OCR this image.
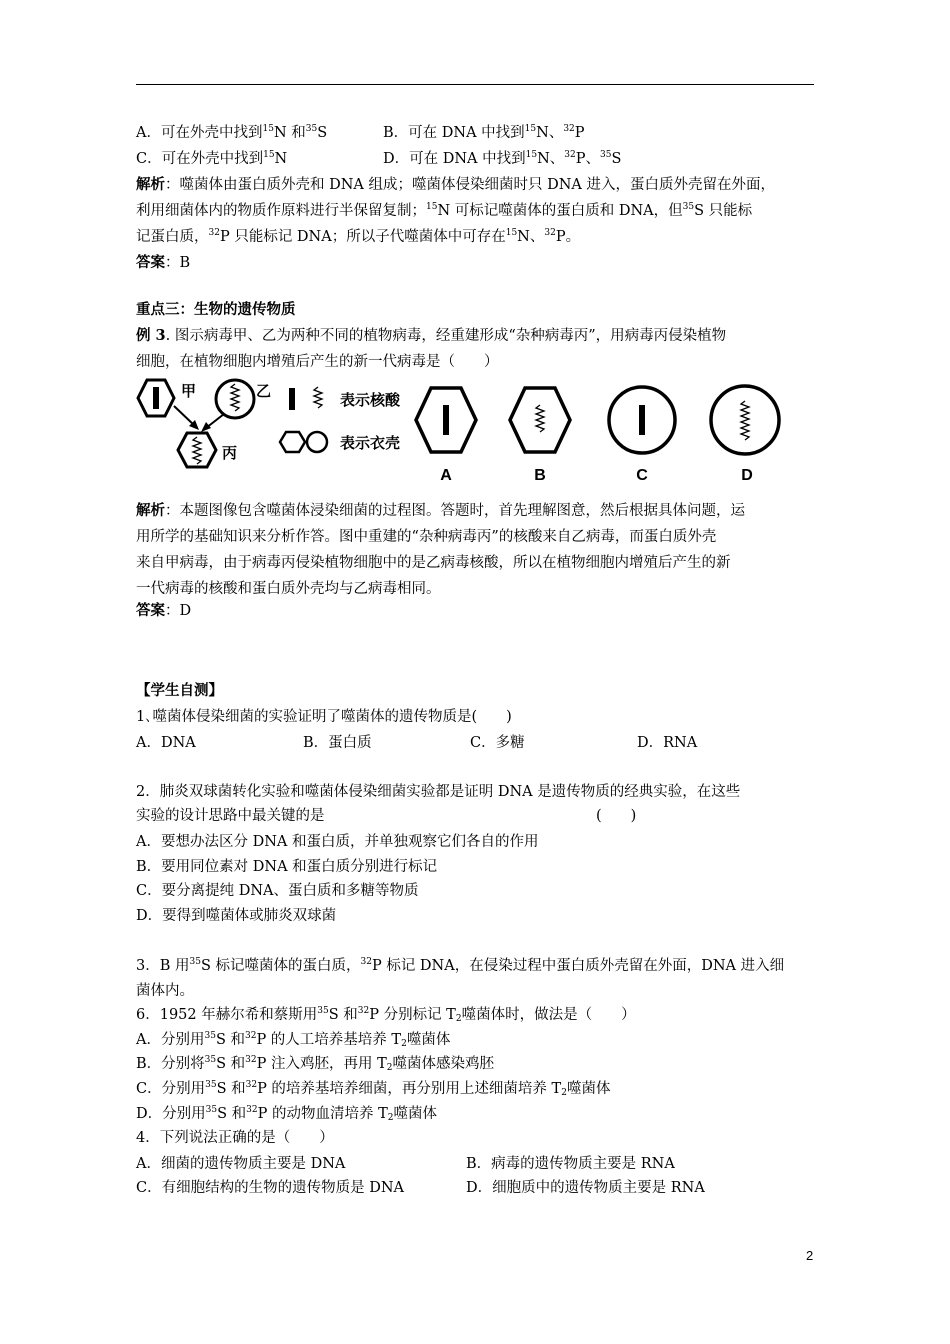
A．可在外壳中找到$^{15}$N 和$^{35}$S	B．可在 DNA 中找到$^{15}$N、$^{32}$P
C．可在外壳中找到$^{15}$N	D．可在 DNA 中找到$^{15}$N、$^{32}$P、$^{35}$S
解析：噬菌体由蛋白质外壳和 DNA 组成；噬菌体侵染细菌时只 DNA 进入，蛋白质外壳留在外面，
利用细菌体内的物质作原料进行半保留复制；$^{15}$N 可标记噬菌体的蛋白质和 DNA，但$^{35}$S 只能标
记蛋白质，$^{32}$P 只能标记 DNA；所以子代噬菌体中可存在$^{15}$N、$^{32}$P。
答案：B
重点三：生物的遗传物质
例 3. 图示病毒甲、乙为两种不同的植物病毒，经重建形成“杂种病毒丙”，用病毒丙侵染植物
细胞，在植物细胞内增殖后产生的新一代病毒是（　　）
甲	乙
丙
表示核酸
表示衣壳
A	B	C	D
解析：本题图像包含噬菌体浸染细菌的过程图。答题时，首先理解图意，然后根据具体问题，运
用所学的基础知识来分析作答。图中重建的“杂种病毒丙”的核酸来自乙病毒，而蛋白质外壳
来自甲病毒，由于病毒丙侵染植物细胞中的是乙病毒核酸，所以在植物细胞内增殖后产生的新
一代病毒的核酸和蛋白质外壳均与乙病毒相同。
答案：D
【学生自测】
1､噬菌体侵染细菌的实验证明了噬菌体的遗传物质是(　　)
A．DNA	B．蛋白质	C．多糖	D．RNA
2．肺炎双球菌转化实验和噬菌体侵染细菌实验都是证明 DNA 是遗传物质的经典实验，在这些
实验的设计思路中最关键的是	(　　)
A．要想办法区分 DNA 和蛋白质，并单独观察它们各自的作用
B．要用同位素对 DNA 和蛋白质分别进行标记
C．要分离提纯 DNA、蛋白质和多糖等物质
D．要得到噬菌体或肺炎双球菌
3．B 用$^{35}$S 标记噬菌体的蛋白质，$^{32}$P 标记 DNA，在侵染过程中蛋白质外壳留在外面，DNA 进入细
菌体内。
6．1952 年赫尔希和蔡斯用$^{35}$S 和$^{32}$P 分别标记 $T_2$噬菌体时，做法是（　　）
A．分别用$^{35}$S 和$^{32}$P 的人工培养基培养 $T_2$噬菌体
B．分别将$^{35}$S 和$^{32}$P 注入鸡胚，再用 $T_2$噬菌体感染鸡胚
C．分别用$^{35}$S 和$^{32}$P 的培养基培养细菌，再分别用上述细菌培养 $T_2$噬菌体
D．分别用$^{35}$S 和$^{32}$P 的动物血清培养 $T_2$噬菌体
4．下列说法正确的是（　　）
A．细菌的遗传物质主要是 DNA	B．病毒的遗传物质主要是 RNA
C．有细胞结构的生物的遗传物质是 DNA	D．细胞质中的遗传物质主要是 RNA
2
